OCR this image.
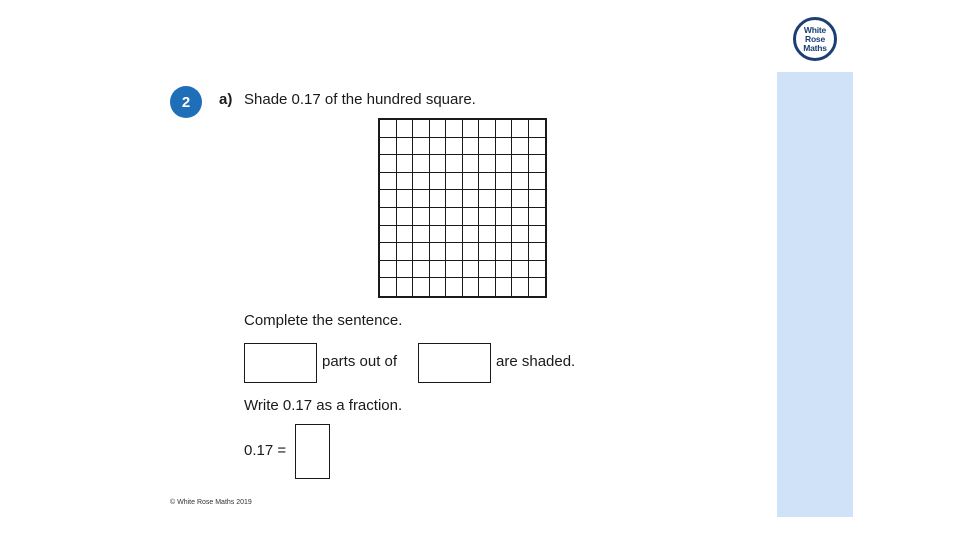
White
Rose
Maths
2	a) Shade 0.17 of the hundred square.
Complete the sentence.
parts out of	are shaded.
Write 0.17 as a fraction.
0.17 =
© White Rose Maths 2019
